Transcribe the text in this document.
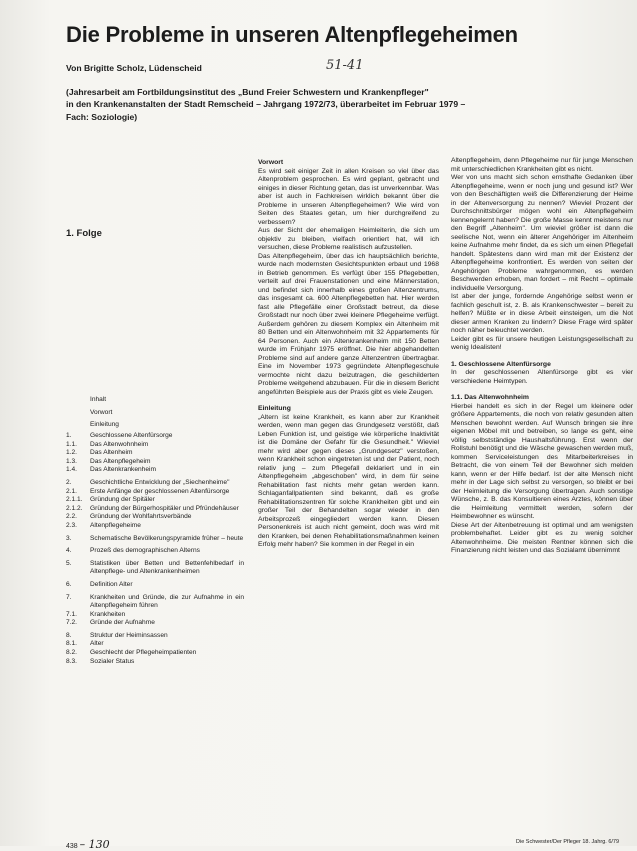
Die Probleme in unseren Altenpflegeheimen
Von Brigitte Scholz, Lüdenscheid	51-41
(Jahresarbeit am Fortbildungsinstitut des „Bund Freier Schwestern und Krankenpfleger"
in den Krankenanstalten der Stadt Remscheid – Jahrgang 1972/73, überarbeitet im Februar 1979 –
Fach: Soziologie)
1. Folge
Inhalt
Vorwort
Einleitung
1.	Geschlossene Altenfürsorge
1.1.	Das Altenwohnheim
1.2.	Das Altenheim
1.3.	Das Altenpflegeheim
1.4.	Das Altenkrankenheim
2.	Geschichtliche Entwicklung der „Siechenheime"
2.1.	Erste Anfänge der geschlossenen Altenfürsorge
2.1.1.	Gründung der Spitäler
2.1.2.	Gründung der Bürgerhospitäler und Pfründehäuser
2.2.	Gründung der Wohlfahrtsverbände
2.3.	Altenpflegeheime
3.	Schematische Bevölkerungspyramide früher – heute
4.	Prozeß des demographischen Alterns
5.	Statistiken über Betten und Bettenfehlbedarf in Altenpflege- und Altenkrankenheimen
6.	Definition Alter
7.	Krankheiten und Gründe, die zur Aufnahme in ein Altenpflegeheim führen
7.1.	Krankheiten
7.2.	Gründe der Aufnahme
8.	Struktur der Heiminsassen
8.1.	Alter
8.2.	Geschlecht der Pflegeheimpatienten
8.3.	Sozialer Status

Vorwort

Es wird seit einiger Zeit in allen Kreisen so viel über das Altenproblem gesprochen. Es wird geplant, gebracht und einiges in dieser Richtung getan, das ist unverkennbar. Was aber ist auch in Fachkreisen wirklich bekannt über die Probleme in unseren Altenpflegeheimen? Wie wird von Seiten des Staates getan, um hier durchgreifend zu verbessern?

Aus der Sicht der ehemaligen Heimleiterin, die sich um objektiv zu bleiben, vielfach orientiert hat, will ich versuchen, diese Probleme realistisch aufzustellen.

Das Altenpflegeheim, über das ich hauptsächlich berichte, wurde nach modernsten Gesichtspunkten erbaut und 1968 in Betrieb genommen. Es verfügt über 155 Pflegebetten, verteilt auf drei Frauenstationen und eine Männerstation, und befindet sich innerhalb eines großen Altenzentrums, das insgesamt ca. 600 Altenpflegebetten hat. Hier werden fast alle Pflegefälle einer Großstadt betreut, da diese Großstadt nur noch über zwei kleinere Pflegeheime verfügt. Außerdem gehören zu diesem Komplex ein Altenheim mit 80 Betten und ein Altenwohnheim mit 32 Appartements für 64 Personen. Auch ein Altenkrankenheim mit 150 Betten wurde im Frühjahr 1975 eröffnet. Die hier abgehandelten Probleme sind auf andere ganze Altenzentren übertragbar. Eine im November 1973 gegründete Altenpflegeschule vermochte nicht dazu beizutragen, die geschilderten Probleme weitgehend abzubauen. Für die in diesem Bericht angeführten Beispiele aus der Praxis gibt es viele Zeugen.

Einleitung

„Altern ist keine Krankheit, es kann aber zur Krankheit werden, wenn man gegen das Grundgesetz verstößt, daß Leben Funktion ist, und geistige wie körperliche Inaktivität ist die Domäne der Gefahr für die Gesundheit." Wieviel mehr wird aber gegen dieses „Grundgesetz" verstoßen, wenn Krankheit schon eingetreten ist und der Patient, noch relativ jung – zum Pflegefall deklariert und in ein Altenpflegeheim „abgeschoben" wird, in dem für seine Rehabilitation fast nichts mehr getan werden kann. Schlaganfallpatienten sind bekannt, daß es große Rehabilitationszentren für solche Krankheiten gibt und ein großer Teil der Behandelten sogar wieder in den Arbeitsprozeß eingegliedert werden kann. Diesen Personenkreis ist auch nicht gemeint, doch was wird mit den Kranken, bei denen Rehabilitationsmaßnahmen keinen Erfolg mehr haben? Sie kommen in der Regel in ein

Altenpflegeheim, denn Pflegeheime nur für junge Menschen mit unterschiedlichen Krankheiten gibt es nicht.

Wer von uns macht sich schon ernsthafte Gedanken über Altenpflegeheime, wenn er noch jung und gesund ist? Wer von den Beschäftigten weiß die Differenzierung der Heime in der Altenversorgung zu nennen? Wieviel Prozent der Durchschnittsbürger mögen wohl ein Altenpflegeheim kennengelernt haben? Die große Masse kennt meistens nur den Begriff „Altenheim". Um wieviel größer ist dann die seelische Not, wenn ein älterer Angehöriger im Altenheim keine Aufnahme mehr findet, da es sich um einen Pflegefall handelt. Spätestens dann wird man mit der Existenz der Altenpflegeheime konfrontiert. Es werden von seiten der Angehörigen Probleme wahrgenommen, es werden Beschwerden erhoben, man fordert – mit Recht – optimale individuelle Versorgung.

Ist aber der junge, fordernde Angehörige selbst wenn er fachlich geschult ist, z. B. als Krankenschwester – bereit zu helfen? Müßte er in diese Arbeit einsteigen, um die Not dieser armen Kranken zu lindern? Diese Frage wird später noch näher beleuchtet werden.

Leider gibt es für unsere heutigen Leistungsgesellschaft zu wenig Idealisten!

1. Geschlossene Altenfürsorge

In der geschlossenen Altenfürsorge gibt es vier verschiedene Heimtypen.

1.1. Das Altenwohnheim

Hierbei handelt es sich in der Regel um kleinere oder größere Appartements, die noch von relativ gesunden alten Menschen bewohnt werden. Auf Wunsch bringen sie ihre eigenen Möbel mit und betreiben, so lange es geht, eine völlig selbstständige Haushaltsführung. Erst wenn der Rollstuhl benötigt und die Wäsche gewaschen werden muß, kommen Serviceleistungen des Mitarbeiterkreises in Betracht, die von einem Teil der Bewohner sich melden kann, wenn er der Hilfe bedarf. Ist der alte Mensch nicht mehr in der Lage sich selbst zu versorgen, so bleibt er bei der Heimleitung die Versorgung übertragen. Auch sonstige Wünsche, z. B. das Konsultieren eines Arztes, können über die Heimleitung vermittelt werden, sofern der Heimbewohner es wünscht.

Diese Art der Altenbetreuung ist optimal und am wenigsten problembehaftet. Leider gibt es zu wenig solcher Altenwohnheime. Die meisten Rentner können sich die Finanzierung nicht leisten und das Sozialamt übernimmt

438 – 130	Die Schwester/Der Pfleger 18. Jahrg. 6/79
